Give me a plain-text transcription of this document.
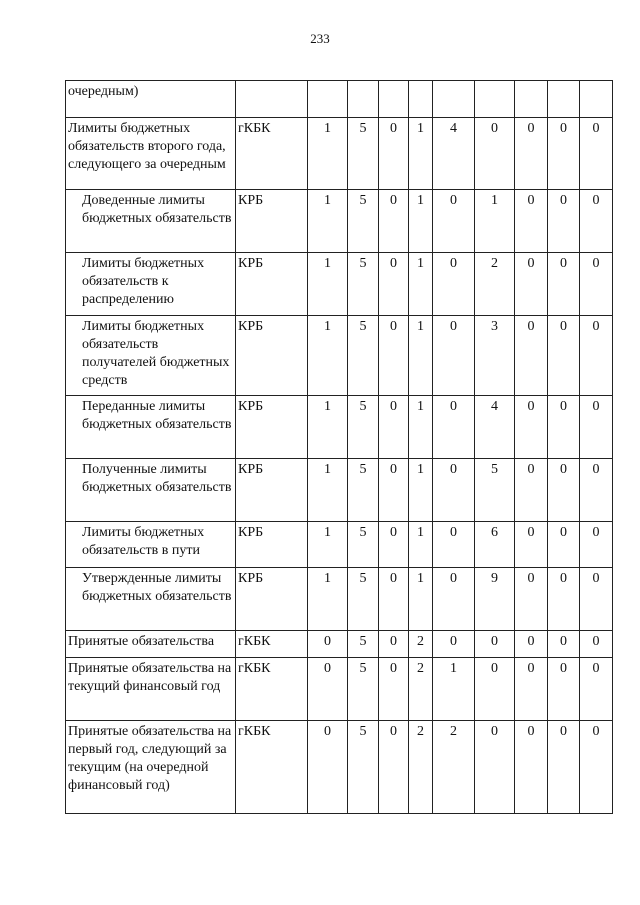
233
очередным)										
Лимиты бюджетных обязательств второго года, следующего за очередным	гКБК	1	5	0	1	4	0	0	0	0
Доведенные лимиты бюджетных обязательств	КРБ	1	5	0	1	0	1	0	0	0
Лимиты бюджетных обязательств к распределению	КРБ	1	5	0	1	0	2	0	0	0
Лимиты бюджетных обязательств получателей бюджетных средств	КРБ	1	5	0	1	0	3	0	0	0
Переданные лимиты бюджетных обязательств	КРБ	1	5	0	1	0	4	0	0	0
Полученные лимиты бюджетных обязательств	КРБ	1	5	0	1	0	5	0	0	0
Лимиты бюджетных обязательств в пути	КРБ	1	5	0	1	0	6	0	0	0
Утвержденные лимиты бюджетных обязательств	КРБ	1	5	0	1	0	9	0	0	0
Принятые обязательства	гКБК	0	5	0	2	0	0	0	0	0
Принятые обязательства на текущий финансовый год	гКБК	0	5	0	2	1	0	0	0	0
Принятые обязательства на первый год, следующий за текущим (на очередной финансовый год)	гКБК	0	5	0	2	2	0	0	0	0
